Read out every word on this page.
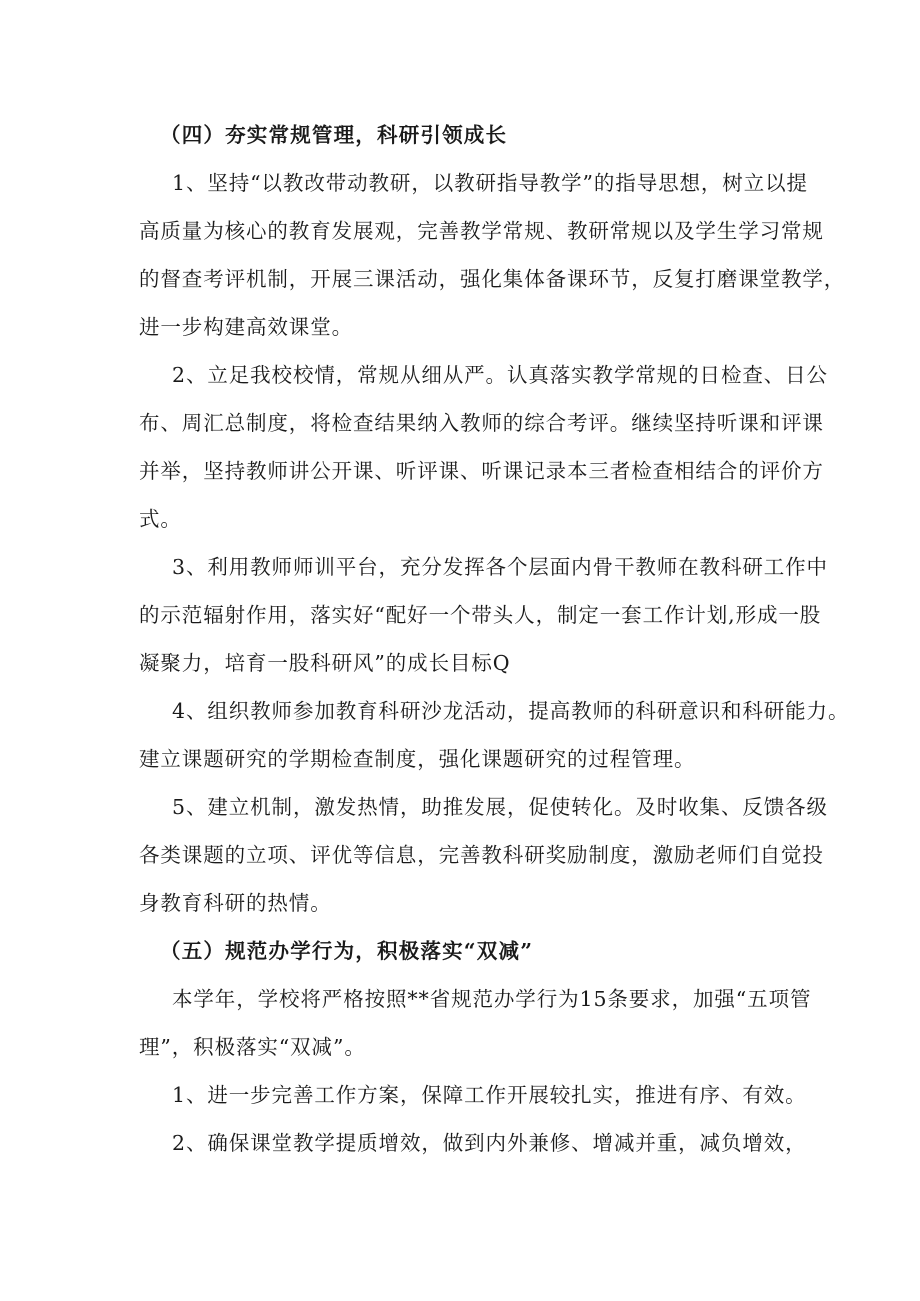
（四）夯实常规管理，科研引领成长
1、坚持“以教改带动教研，以教研指导教学”的指导思想，树立以提
高质量为核心的教育发展观，完善教学常规、教研常规以及学生学习常规
的督查考评机制，开展三课活动，强化集体备课环节，反复打磨课堂教学，
进一步构建高效课堂。
2、立足我校校情，常规从细从严。认真落实教学常规的日检查、日公
布、周汇总制度，将检查结果纳入教师的综合考评。继续坚持听课和评课
并举，坚持教师讲公开课、听评课、听课记录本三者检查相结合的评价方
式。
3、利用教师师训平台，充分发挥各个层面内骨干教师在教科研工作中
的示范辐射作用，落实好“配好一个带头人，制定一套工作计划,形成一股
凝聚力，培育一股科研风”的成长目标Q
4、组织教师参加教育科研沙龙活动，提高教师的科研意识和科研能力。
建立课题研究的学期检查制度，强化课题研究的过程管理。
5、建立机制，激发热情，助推发展，促使转化。及时收集、反馈各级
各类课题的立项、评优等信息，完善教科研奖励制度，激励老师们自觉投
身教育科研的热情。
（五）规范办学行为，积极落实“双减”
本学年，学校将严格按照**省规范办学行为15条要求，加强“五项管
理”，积极落实“双减”。
1、进一步完善工作方案，保障工作开展较扎实，推进有序、有效。
2、确保课堂教学提质增效，做到内外兼修、增减并重，减负增效，
